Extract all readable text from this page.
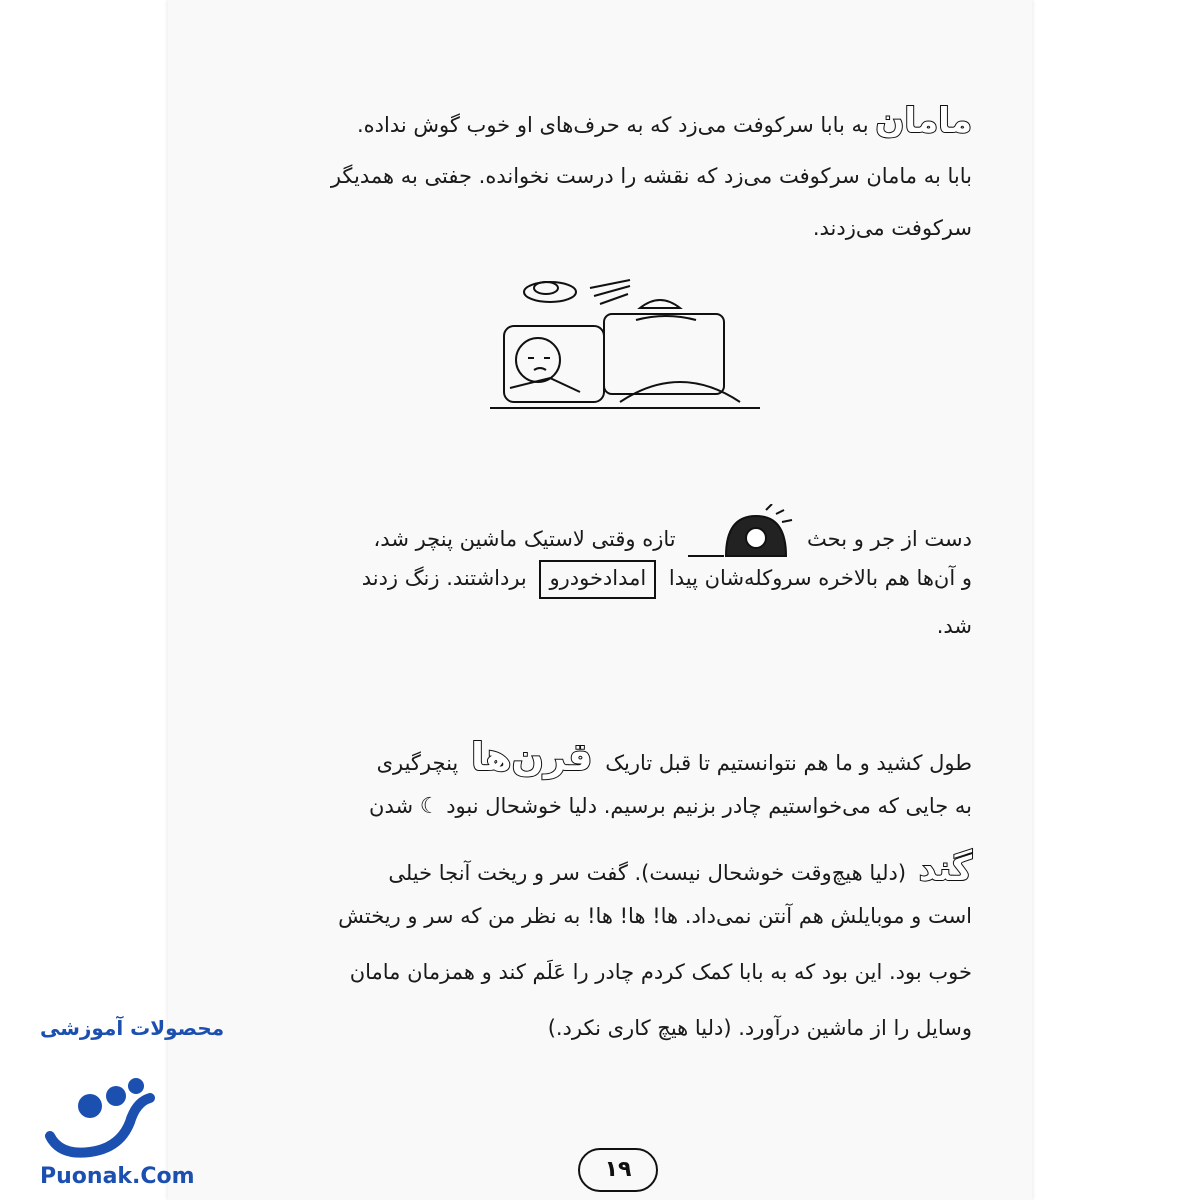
مامان به بابا سرکوفت می‌زد که به حرف‌های او خوب گوش نداده.
بابا به مامان سرکوفت می‌زد که نقشه را درست نخوانده. جفتی به همدیگر
سرکوفت می‌زدند.
دست از جر و بحث  تازه وقتی لاستیک ماشین پنچر شد،
و آن‌ها هم بالاخره سروکله‌شان پیدا امدادخودرو برداشتند. زنگ زدند
شد.
طول کشید و ما هم نتوانستیم تا قبل تاریک قرن‌ها پنچرگیری
به جایی که می‌خواستیم چادر بزنیم برسیم. دلیا خوشحال نبود ☾ شدن
گند (دلیا هیچ‌وقت خوشحال نیست). گفت سر و ریخت آنجا خیلی
است و موبایلش هم آنتن نمی‌داد. ها! ها! ها! به نظر من که سر و ریختش
خوب بود. این بود که به بابا کمک کردم چادر را عَلَم کند و همزمان مامان
وسایل را از ماشین درآورد. (دلیا هیچ کاری نکرد.)
۱۹
محصولات آموزشی
Puonak.Com
